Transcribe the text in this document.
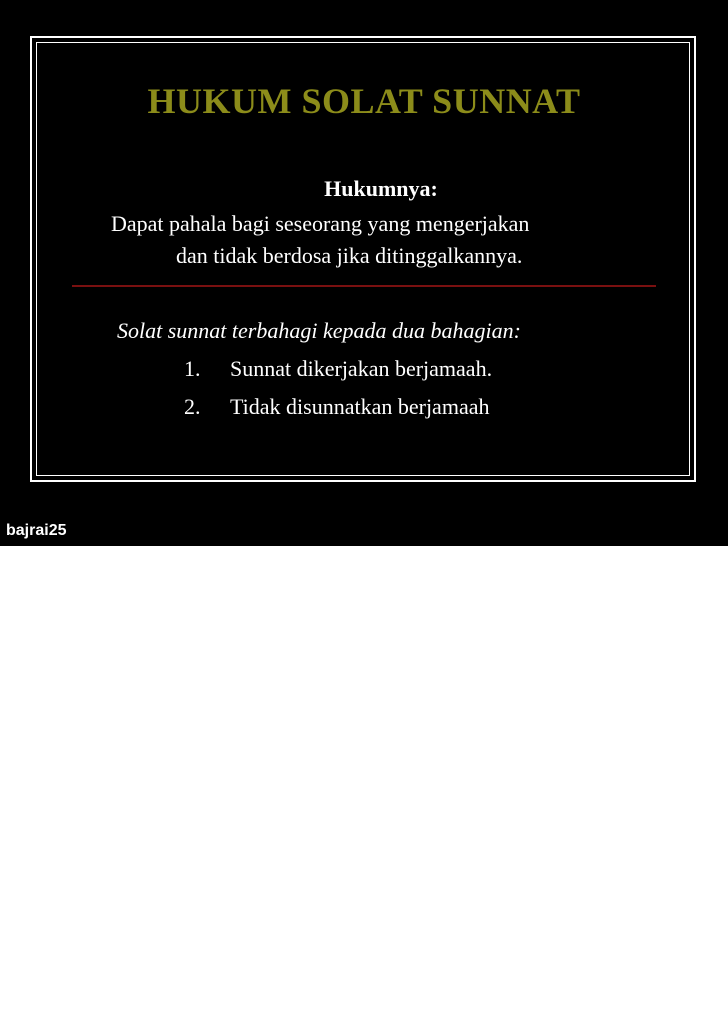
HUKUM SOLAT SUNNAT

Hukumnya:

Dapat pahala bagi seseorang yang mengerjakan

dan tidak berdosa jika ditinggalkannya.

Solat sunnat terbahagi kepada dua bahagian:

1. Sunnat dikerjakan berjamaah.
2. Tidak disunnatkan berjamaah
bajrai25
